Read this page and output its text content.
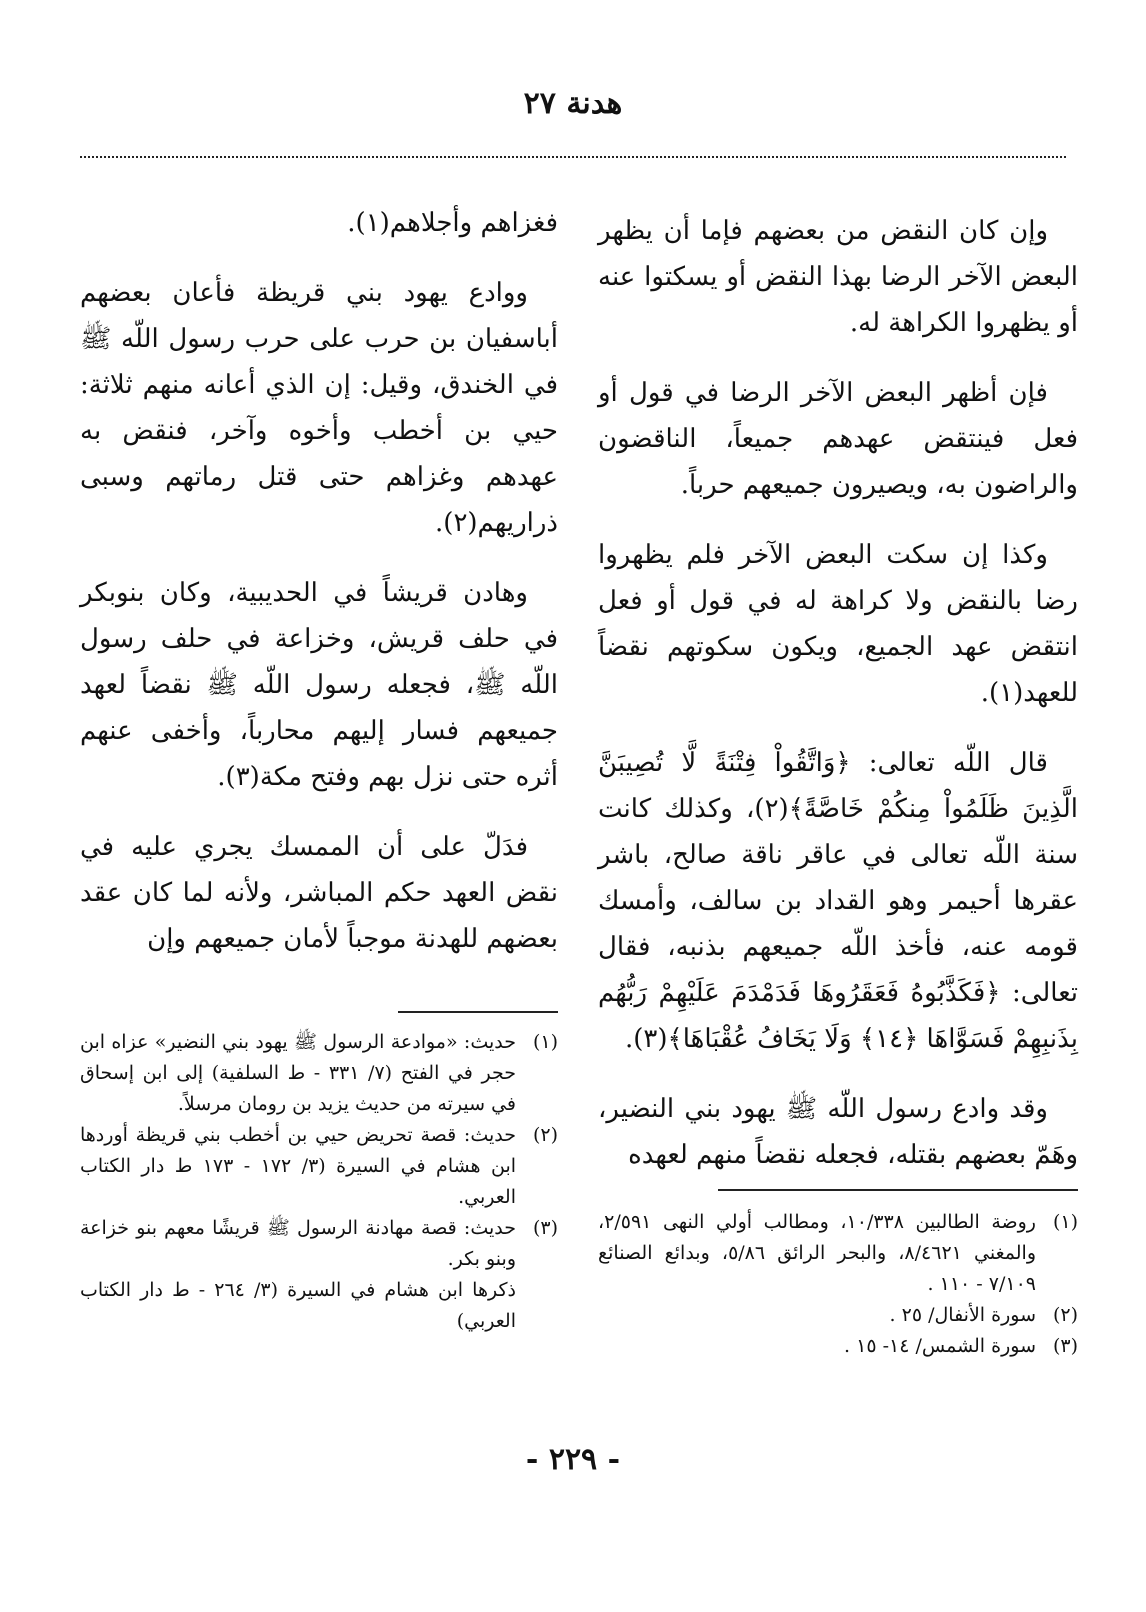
هدنة ٢٧

وإن كان النقض من بعضهم فإما أن يظهر البعض الآخر الرضا بهذا النقض أو يسكتوا عنه أو يظهروا الكراهة له.

فإن أظهر البعض الآخر الرضا في قول أو فعل فينتقض عهدهم جميعاً، الناقضون والراضون به، ويصيرون جميعهم حرباً.

وكذا إن سكت البعض الآخر فلم يظهروا رضا بالنقض ولا كراهة له في قول أو فعل انتقض عهد الجميع، ويكون سكوتهم نقضاً للعهد(١).

قال اللّه تعالى: ﴿وَاتَّقُواْ فِتْنَةً لَّا تُصِيبَنَّ الَّذِينَ ظَلَمُواْ مِنكُمْ خَاصَّةً﴾(٢)، وكذلك كانت سنة اللّه تعالى في عاقر ناقة صالح، باشر عقرها أحيمر وهو القداد بن سالف، وأمسك قومه عنه، فأخذ اللّه جميعهم بذنبه، فقال تعالى: ﴿فَكَذَّبُوهُ فَعَقَرُوهَا فَدَمْدَمَ عَلَيْهِمْ رَبُّهُم بِذَنبِهِمْ فَسَوَّاهَا ﴿١٤﴾ وَلَا يَخَافُ عُقْبَاهَا﴾(٣).

وقد وادع رسول اللّه ﷺ يهود بني النضير، وهَمّ بعضهم بقتله، فجعله نقضاً منهم لعهده

فغزاهم وأجلاهم(١).

ووادع يهود بني قريظة فأعان بعضهم أباسفيان بن حرب على حرب رسول اللّه ﷺ في الخندق، وقيل: إن الذي أعانه منهم ثلاثة: حيي بن أخطب وأخوه وآخر، فنقض به عهدهم وغزاهم حتى قتل رماتهم وسبى ذراريهم(٢).

وهادن قريشاً في الحديبية، وكان بنوبكر في حلف قريش، وخزاعة في حلف رسول اللّه ﷺ، فجعله رسول اللّه ﷺ نقضاً لعهد جميعهم فسار إليهم محارباً، وأخفى عنهم أثره حتى نزل بهم وفتح مكة(٣).

فدَلّ على أن الممسك يجري عليه في نقض العهد حكم المباشر، ولأنه لما كان عقد بعضهم للهدنة موجباً لأمان جميعهم وإن

(١)
روضة الطالبين ١٠/٣٣٨، ومطالب أولي النهى ٢/٥٩١، والمغني ٨/٤٦٢١، والبحر الرائق ٥/٨٦، وبدائع الصنائع ٧/١٠٩ - ١١٠ .
(٢)
سورة الأنفال/ ٢٥ .
(٣)
سورة الشمس/ ١٤- ١٥ .
(١)
حديث: «موادعة الرسول ﷺ يهود بني النضير» عزاه ابن حجر في الفتح (٧/ ٣٣١ - ط السلفية) إلى ابن إسحاق في سيرته من حديث يزيد بن رومان مرسلاً.
(٢)
حديث: قصة تحريض حيي بن أخطب بني قريظة أوردها ابن هشام في السيرة (٣/ ١٧٢ - ١٧٣ ط دار الكتاب العربي.
(٣)
حديث: قصة مهادنة الرسول ﷺ قريشًا معهم بنو خزاعة وبنو بكر.
ذكرها ابن هشام في السيرة (٣/ ٢٦٤ - ط دار الكتاب العربي)
- ٢٢٩ -
